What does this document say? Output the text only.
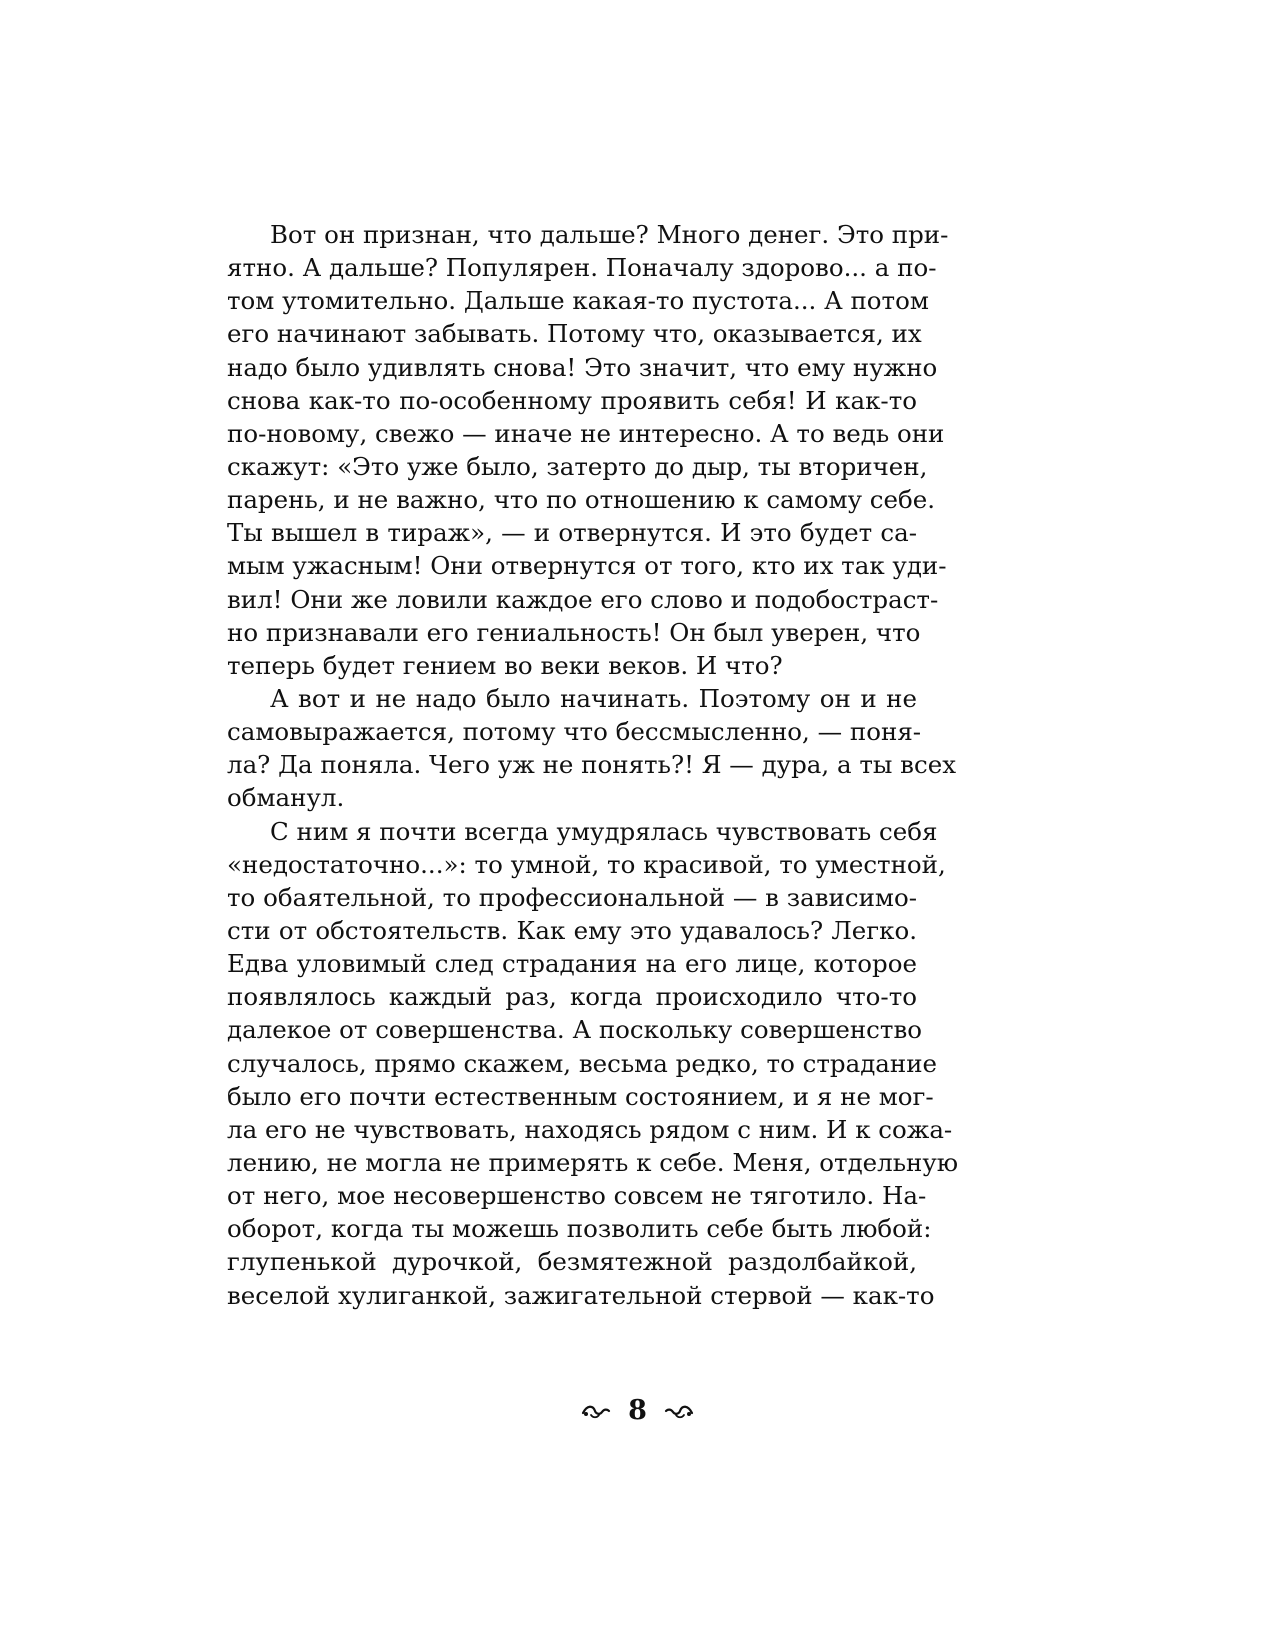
Вот он признан, что дальше? Много денег. Это при-
ятно. А дальше? Популярен. Поначалу здорово... а по-
том утомительно. Дальше какая-то пустота... А потом
его начинают забывать. Потому что, оказывается, их
надо было удивлять снова! Это значит, что ему нужно
снова как-то по-особенному проявить себя! И как-то
по-новому, свежо — иначе не интересно. А то ведь они
скажут: «Это уже было, затерто до дыр, ты вторичен,
парень, и не важно, что по отношению к самому себе.
Ты вышел в тираж», — и отвернутся. И это будет са-
мым ужасным! Они отвернутся от того, кто их так уди-
вил! Они же ловили каждое его слово и подобостраст-
но признавали его гениальность! Он был уверен, что
теперь будет гением во веки веков. И что?
А вот и не надо было начинать. Поэтому он и не
самовыражается, потому что бессмысленно, — поня-
ла? Да поняла. Чего уж не понять?! Я — дура, а ты всех
обманул.
С ним я почти всегда умудрялась чувствовать себя
«недостаточно...»: то умной, то красивой, то уместной,
то обаятельной, то профессиональной — в зависимо-
сти от обстоятельств. Как ему это удавалось? Легко.
Едва уловимый след страдания на его лице, которое
появлялось каждый раз, когда происходило что-то
далекое от совершенства. А поскольку совершенство
случалось, прямо скажем, весьма редко, то страдание
было его почти естественным состоянием, и я не мог-
ла его не чувствовать, находясь рядом с ним. И к сожа-
лению, не могла не примерять к себе. Меня, отдельную
от него, мое несовершенство совсем не тяготило. На-
оборот, когда ты можешь позволить себе быть любой:
глупенькой дурочкой, безмятежной раздолбайкой,
веселой хулиганкой, зажигательной стервой — как-то
8
